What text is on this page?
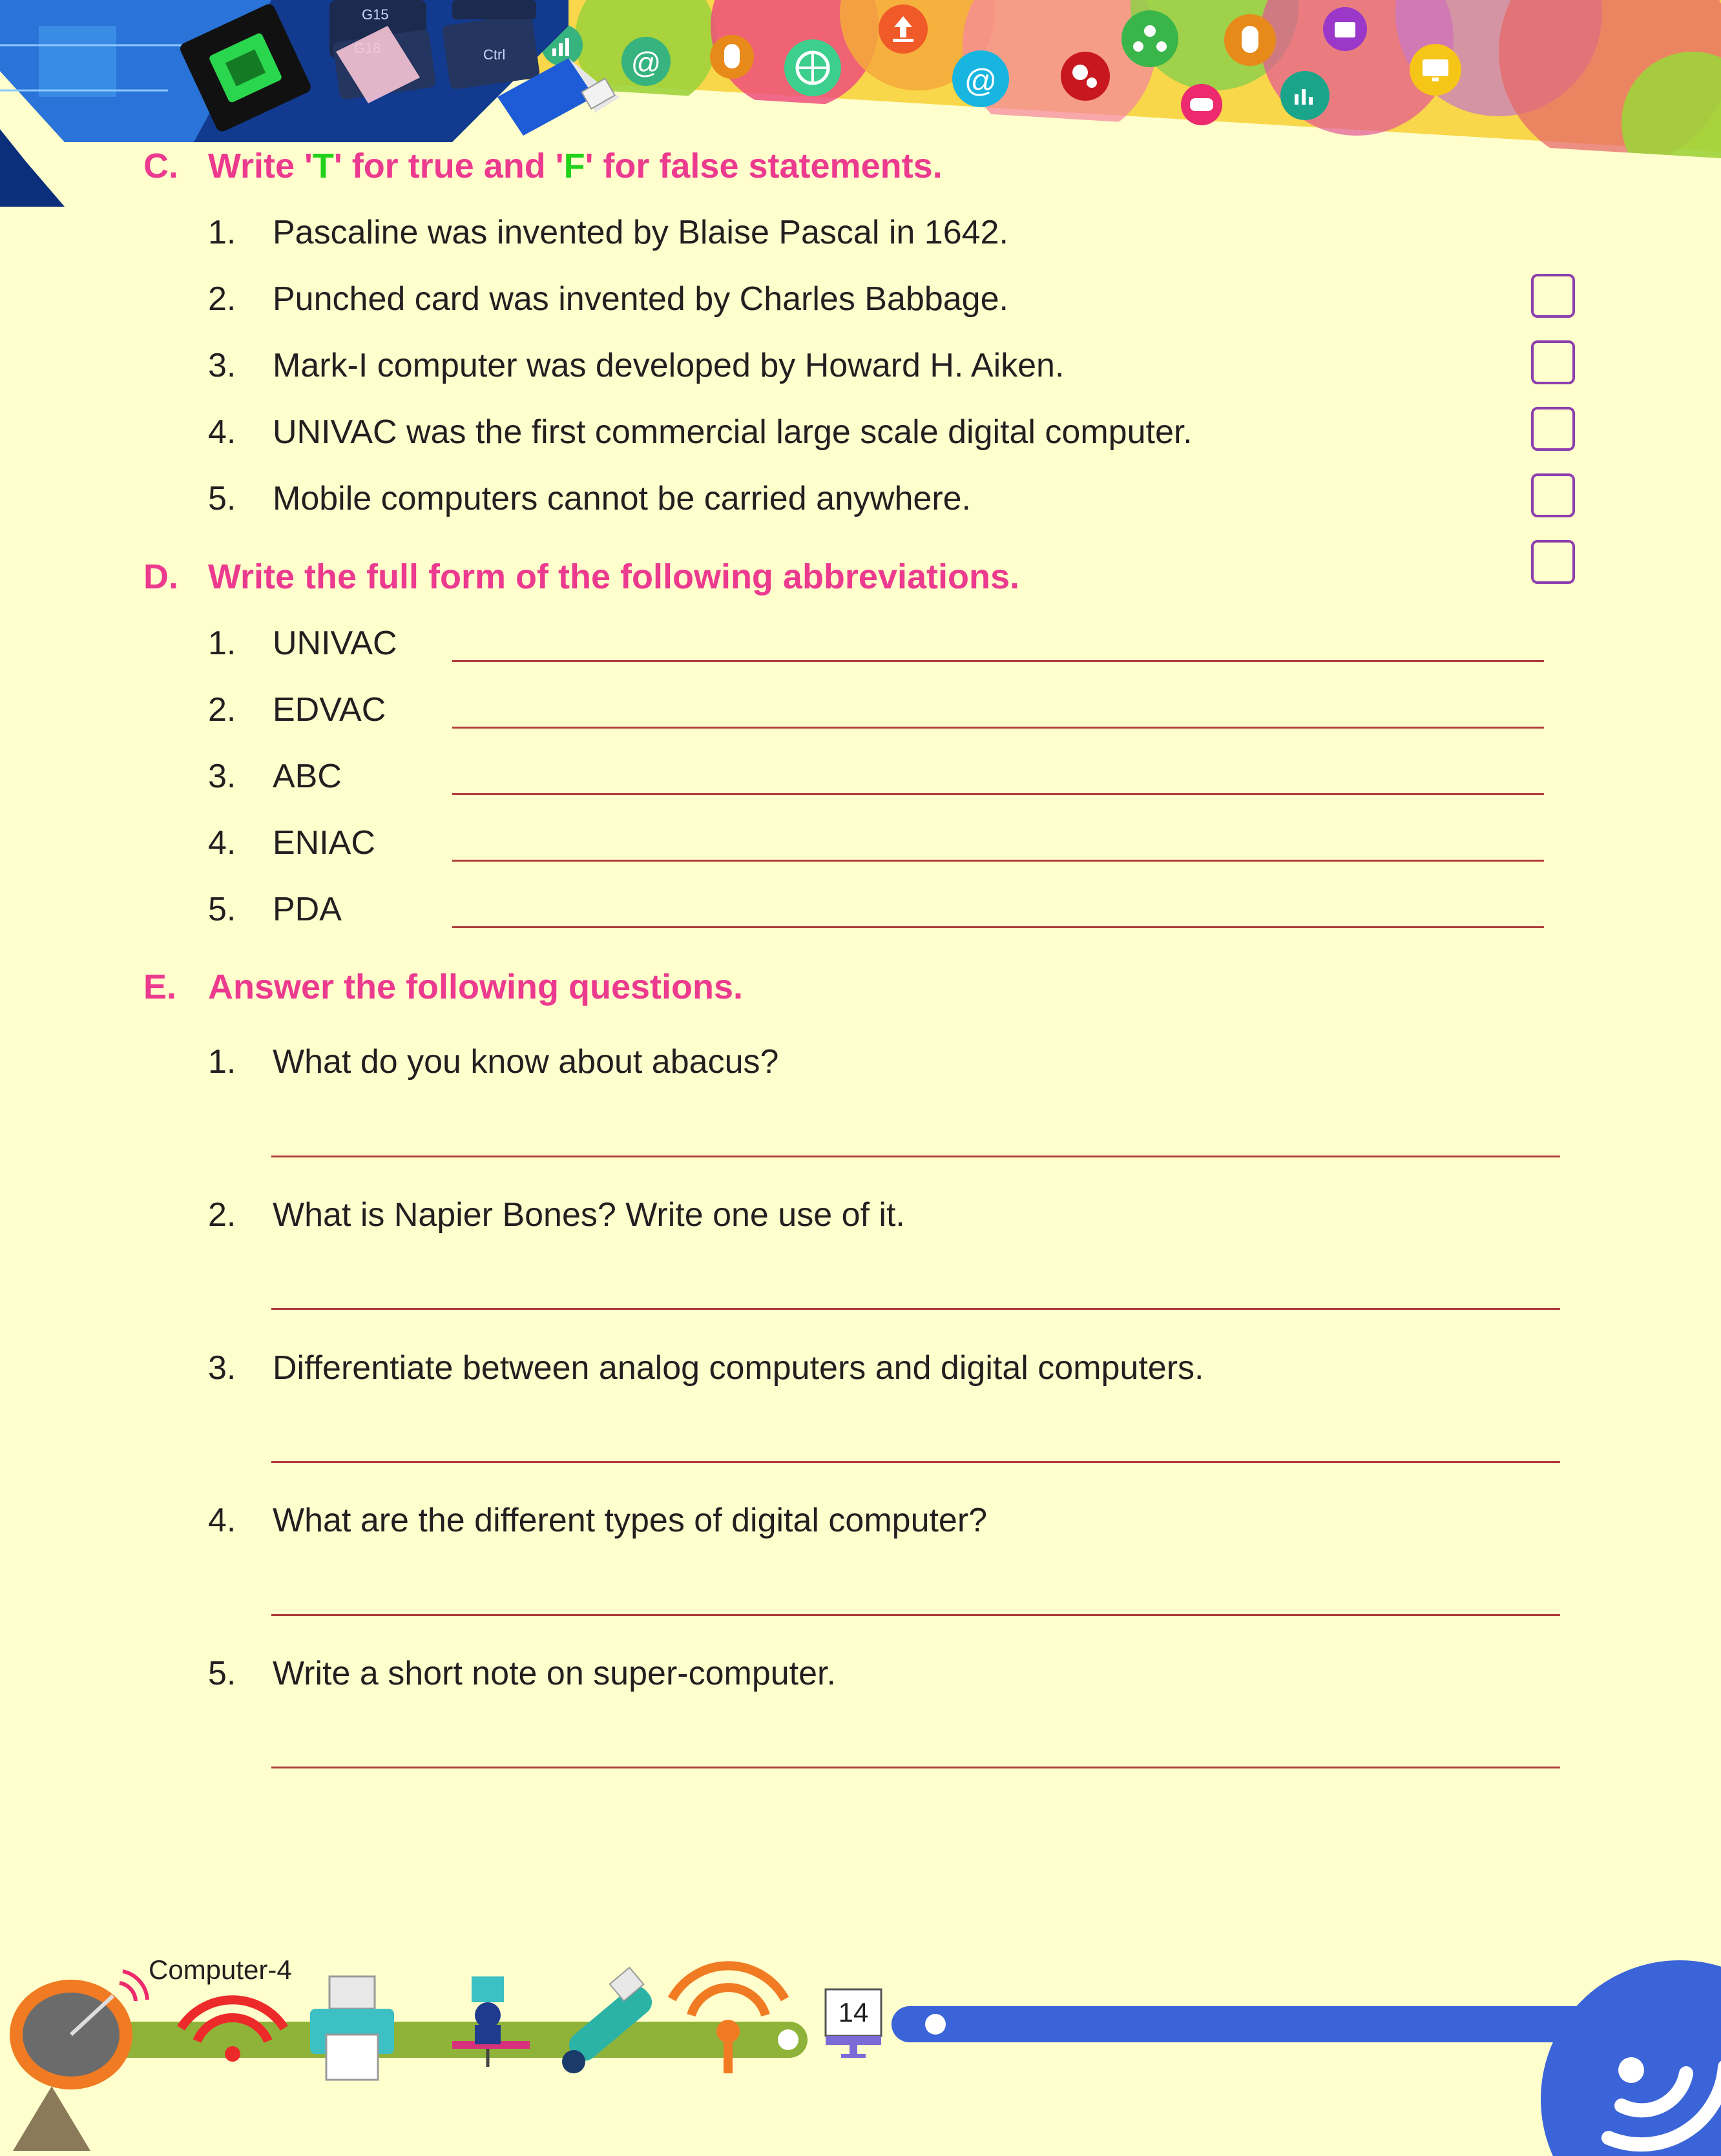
@	@
G15
Ctrl
C. Write 'T' for true and 'F' for false statements.
1. Pascaline was invented by Blaise Pascal in 1642.
2. Punched card was invented by Charles Babbage.
3. Mark-I computer was developed by Howard H. Aiken.
4. UNIVAC was the first commercial large scale digital computer.
5. Mobile computers cannot be carried anywhere.
D. Write the full form of the following abbreviations.
1. UNIVAC
2. EDVAC
3. ABC
4. ENIAC
5. PDA
E. Answer the following questions.
1. What do you know about abacus?
2. What is Napier Bones? Write one use of it.
3. Differentiate between analog computers and digital computers.
4. What are the different types of digital computer?
5. Write a short note on super-computer.
Computer-4
14
